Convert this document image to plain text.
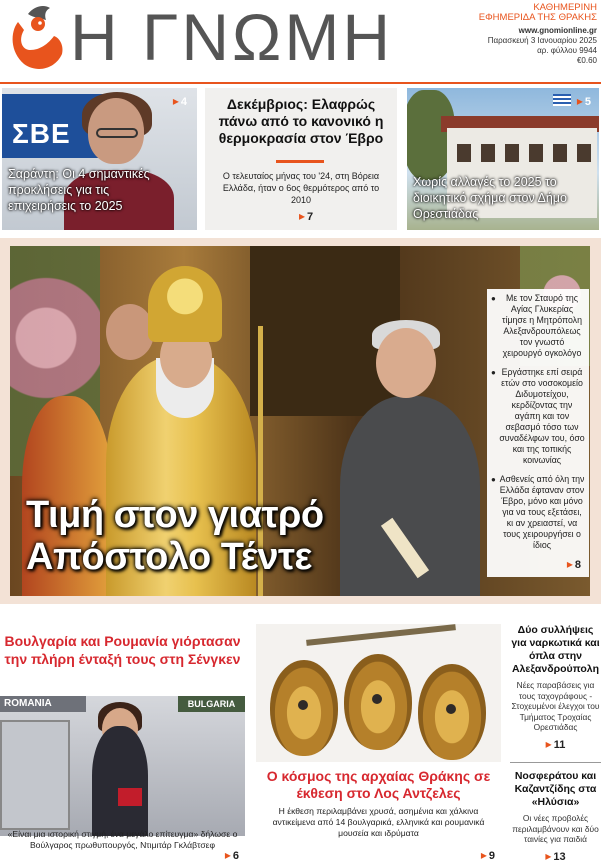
Η ΓΝΩΜΗ	ΚΑΘΗΜΕΡΙΝΗ
ΕΦΗΜΕΡΙΔΑ ΤΗΣ ΘΡΑΚΗΣ
www.gnomionline.gr
Παρασκευή 3 Ιανουαρίου 2025
αρ. φύλλου 9944
€0.60
ΣΒΕ
Σαράντη: Οι 4 σημαντικές προκλήσεις για τις επιχειρήσεις το 2025
▸ 4	Δεκέμβριος: Ελαφρώς πάνω από το κανονικό η θερμοκρασία στον Έβρο
Ο τελευταίος μήνας του '24, στη Βόρεια Ελλάδα, ήταν ο 6ος θερμότερος από το 2010
▸ 7
Χωρίς αλλαγές το 2025 το διοικητικό σχήμα στον Δήμο Ορεστιάδας
▸ 5
Τιμή στον γιατρό
Απόστολο Τέντε
● Με τον Σταυρό της Αγίας Γλυκερίας τίμησε η Μητρόπολη Αλεξανδρουπόλεως τον γνωστό χειρουργό ογκολόγο
● Εργάστηκε επί σειρά ετών στο νοσοκομείο Διδυμοτείχου, κερδίζοντας την αγάπη και τον σεβασμό τόσο των συναδέλφων του, όσο και της τοπικής κοινωνίας
● Ασθενείς από όλη την Ελλάδα έφταναν στον Έβρο, μόνο και μόνο για να τους εξετάσει, κι αν χρειαστεί, να τους χειρουργήσει ο ίδιος
▸ 8
Βουλγαρία και Ρουμανία γιόρτασαν την πλήρη ένταξή τους στη Σένγκεν
ROMANIA	BULGARIA

«Είναι μια ιστορική στιγμή, ένα μεγάλο επίτευγμα» δήλωσε ο Βούλγαρος πρωθυπουργός, Ντιμιτάρ Γκλάβτσεφ

▸ 6
Ο κόσμος της αρχαίας Θράκης σε έκθεση στο Λος Αντζελες

Η έκθεση περιλαμβάνει χρυσά, ασημένια και χάλκινα αντικείμενα από 14 βουλγαρικά, ελληνικά και ρουμανικά μουσεία και ιδρύματα

▸ 9
Δύο συλλήψεις για ναρκωτικά και όπλα στην Αλεξανδρούπολη
Νέες παραβάσεις για τους ταχογράφους - Στοχευμένοι έλεγχοι του Τμήματος Τροχαίας Ορεστιάδας
▸ 11
Νοσφεράτου και Καζαντζίδης στα «Ηλύσια»
Οι νέες προβολές περιλαμβάνουν και δύο ταινίες για παιδιά
▸ 13
